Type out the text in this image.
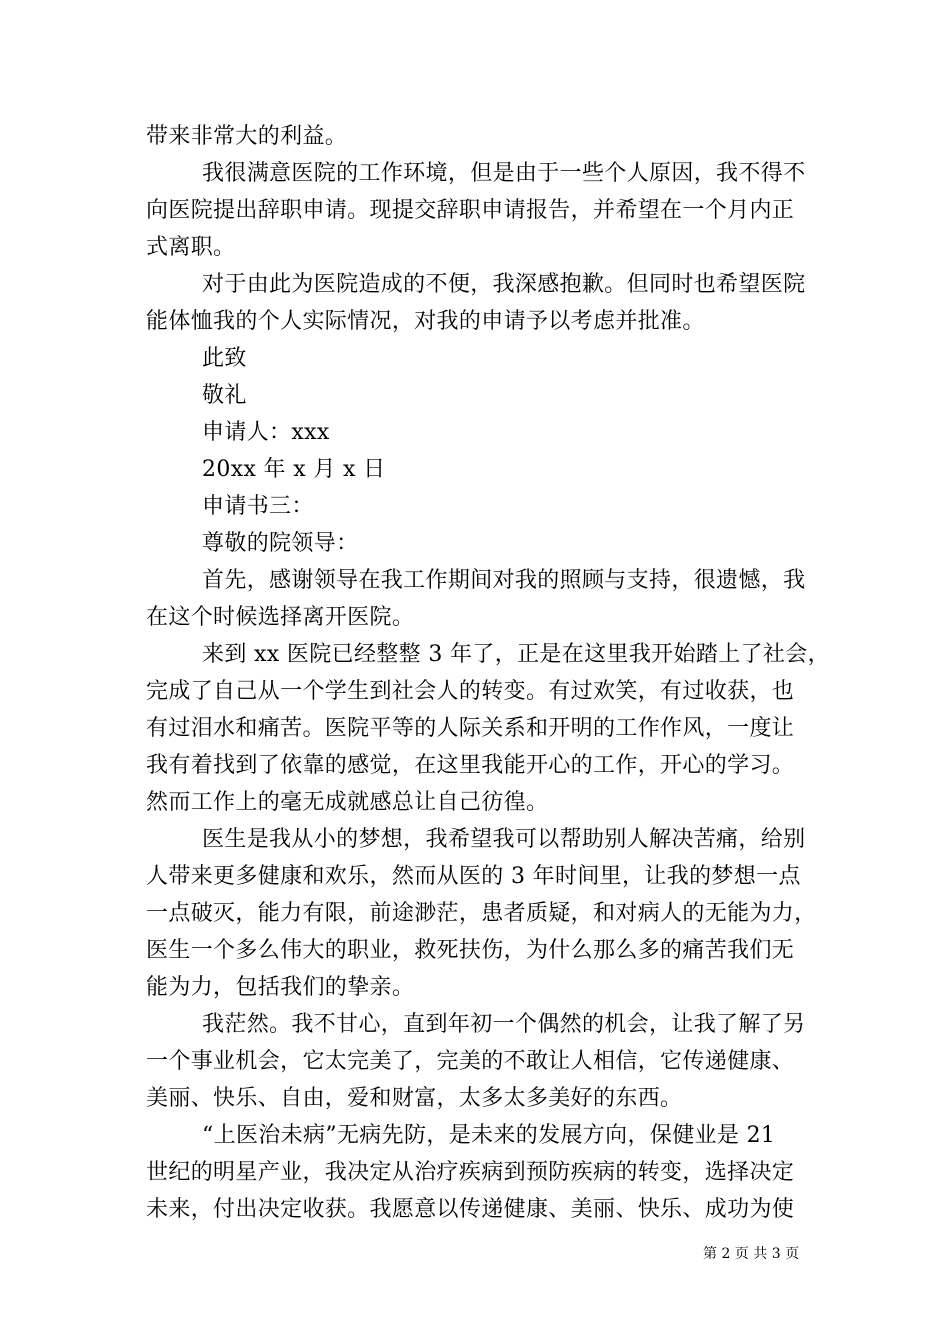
带来非常大的利益。
我很满意医院的工作环境，但是由于一些个人原因，我不得不
向医院提出辞职申请。现提交辞职申请报告，并希望在一个月内正
式离职。
对于由此为医院造成的不便，我深感抱歉。但同时也希望医院
能体恤我的个人实际情况，对我的申请予以考虑并批准。
此致
敬礼
申请人：xxx
20xx 年 x 月 x 日
申请书三：
尊敬的院领导：
首先，感谢领导在我工作期间对我的照顾与支持，很遗憾，我
在这个时候选择离开医院。
来到 xx 医院已经整整 3 年了，正是在这里我开始踏上了社会，
完成了自己从一个学生到社会人的转变。有过欢笑，有过收获，也
有过泪水和痛苦。医院平等的人际关系和开明的工作作风，一度让
我有着找到了依靠的感觉，在这里我能开心的工作，开心的学习。
然而工作上的毫无成就感总让自己彷徨。
医生是我从小的梦想，我希望我可以帮助别人解决苦痛，给别
人带来更多健康和欢乐，然而从医的 3 年时间里，让我的梦想一点
一点破灭，能力有限，前途渺茫，患者质疑，和对病人的无能为力，
医生一个多么伟大的职业，救死扶伤，为什么那么多的痛苦我们无
能为力，包括我们的挚亲。
我茫然。我不甘心，直到年初一个偶然的机会，让我了解了另
一个事业机会，它太完美了，完美的不敢让人相信，它传递健康、
美丽、快乐、自由，爱和财富，太多太多美好的东西。
“上医治未病”无病先防，是未来的发展方向，保健业是 21
世纪的明星产业，我决定从治疗疾病到预防疾病的转变，选择决定
未来，付出决定收获。我愿意以传递健康、美丽、快乐、成功为使
第 2 页 共 3 页
